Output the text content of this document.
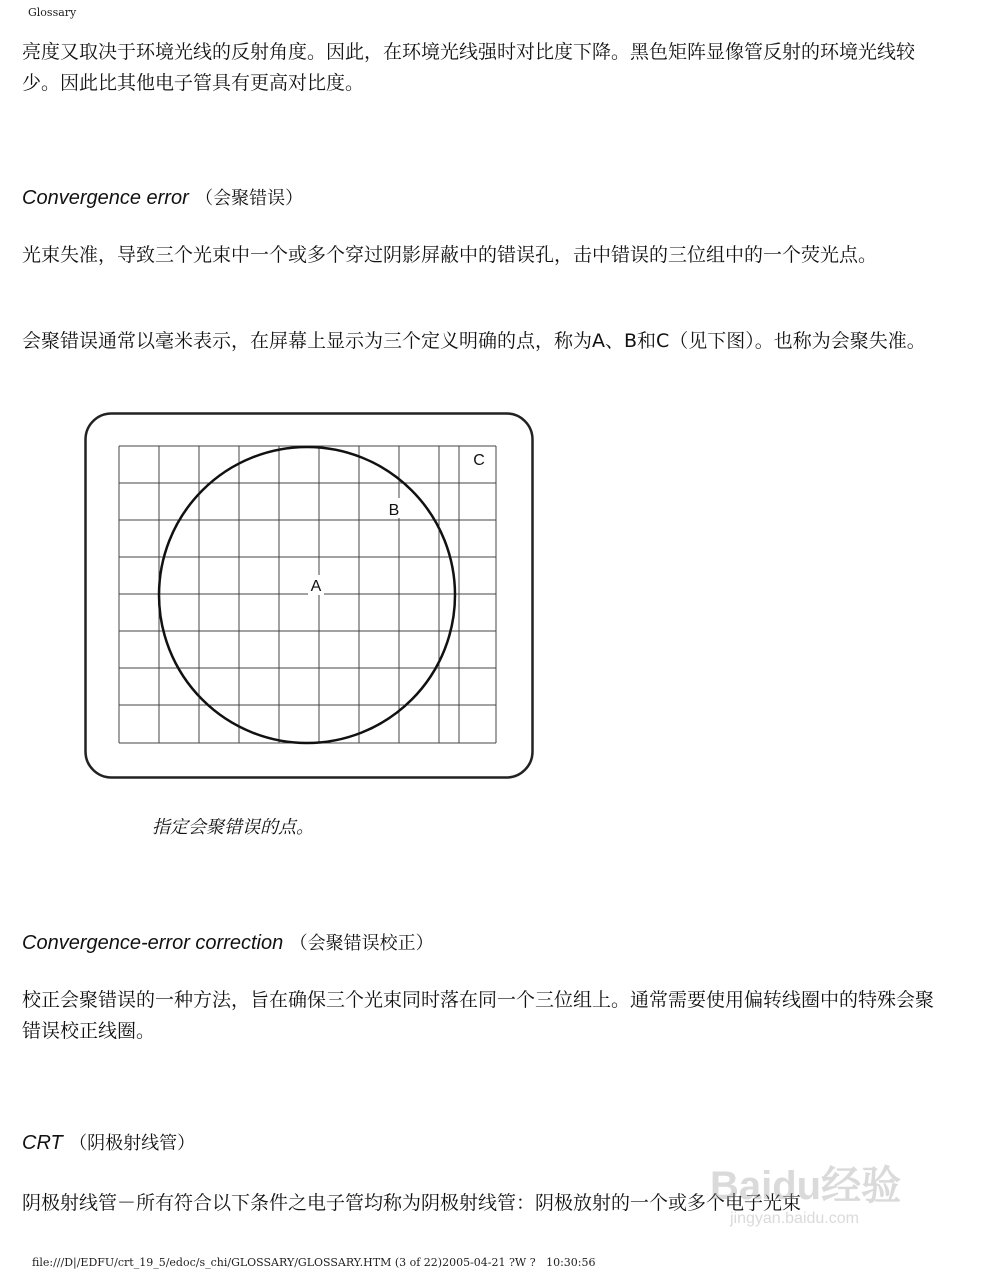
Glossary

亮度又取决于环境光线的反射角度。因此，在环境光线强时对比度下降。黑色矩阵显像管反射的环境光线较少。因此比其他电子管具有更高对比度。

Convergence error （会聚错误）

光束失准，导致三个光束中一个或多个穿过阴影屏蔽中的错误孔，击中错误的三位组中的一个荧光点。

会聚错误通常以毫米表示，在屏幕上显示为三个定义明确的点，称为A、B和C（见下图）。也称为会聚失准。

A
B
C

指定会聚错误的点。

Convergence-error correction （会聚错误校正）

校正会聚错误的一种方法，旨在确保三个光束同时落在同一个三位组上。通常需要使用偏转线圈中的特殊会聚错误校正线圈。

CRT （阴极射线管）

阴极射线管－所有符合以下条件之电子管均称为阴极射线管：阴极放射的一个或多个电子光束

Baidu经验
jingyan.baidu.com
file:///D|/EDFU/crt_19_5/edoc/s_chi/GLOSSARY/GLOSSARY.HTM (3 of 22)2005-04-21 ?W ?   10:30:56
